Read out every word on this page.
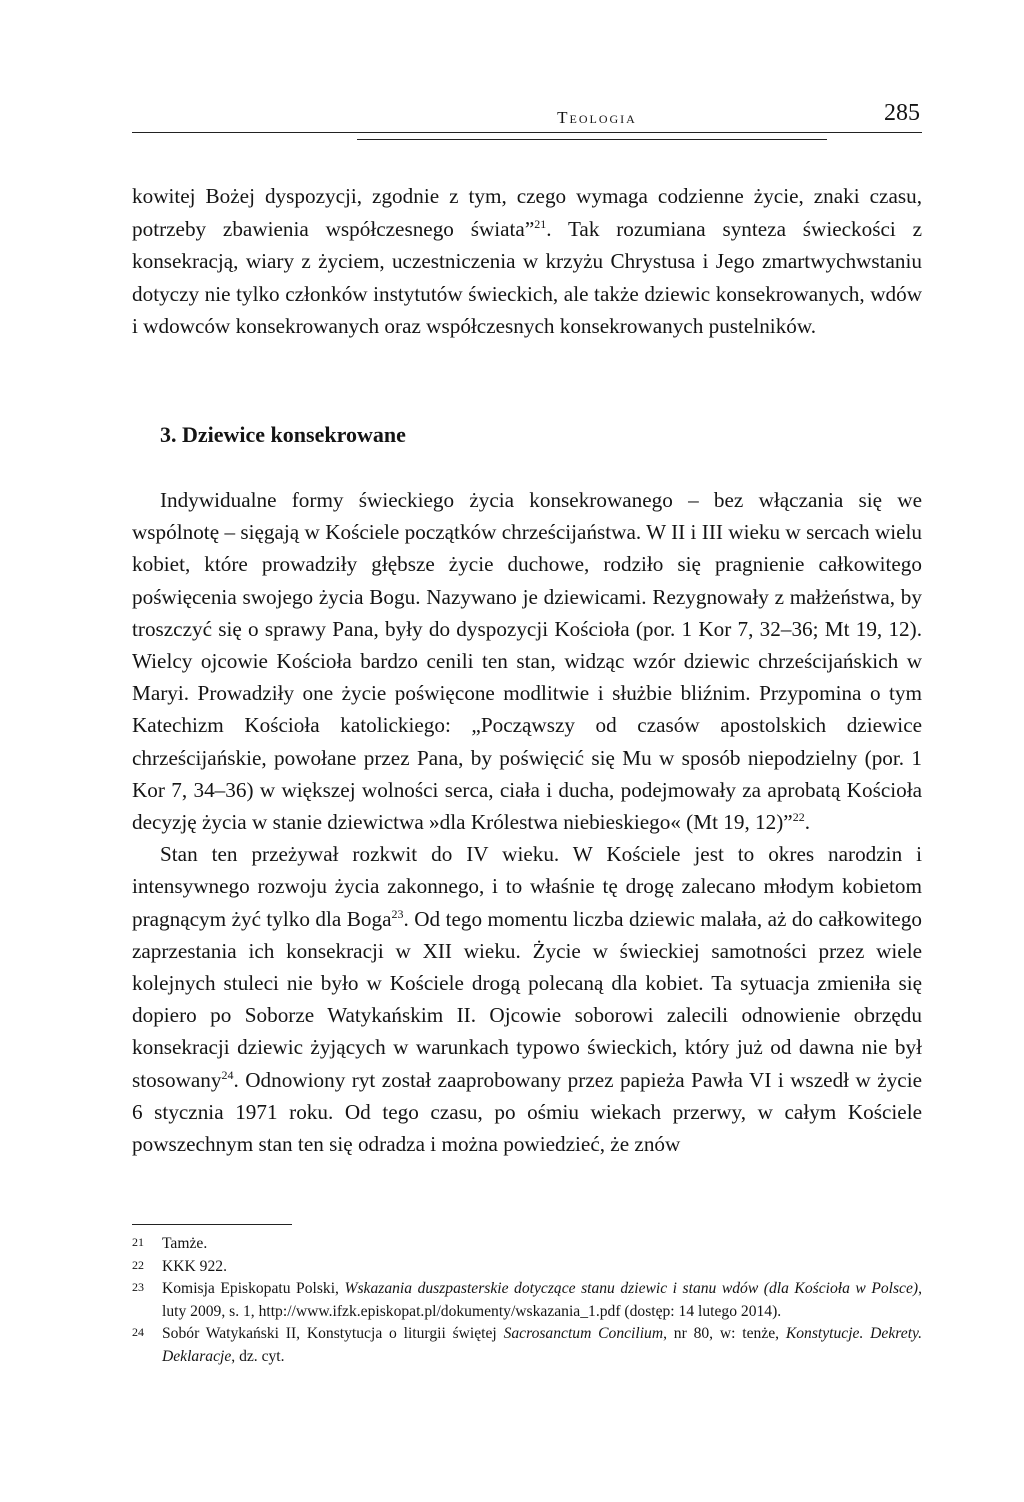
Teologia	285

kowitej Bożej dyspozycji, zgodnie z tym, czego wymaga codzienne życie, znaki czasu, potrzeby zbawienia współczesnego świata”$^{21}$. Tak rozumiana synteza świeckości z konsekracją, wiary z życiem, uczestniczenia w krzyżu Chrystusa i Jego zmartwychwstaniu dotyczy nie tylko członków instytutów świeckich, ale także dziewic konsekrowanych, wdów i wdowców konsekrowanych oraz współczesnych konsekrowanych pustelników.

3. Dziewice konsekrowane

Indywidualne formy świeckiego życia konsekrowanego – bez włączania się we wspólnotę – sięgają w Kościele początków chrześcijaństwa. W II i III wieku w sercach wielu kobiet, które prowadziły głębsze życie duchowe, rodziło się pragnienie całkowitego poświęcenia swojego życia Bogu. Nazywano je dziewicami. Rezygnowały z małżeństwa, by troszczyć się o sprawy Pana, były do dyspozycji Kościoła (por. 1 Kor 7, 32–36; Mt 19, 12). Wielcy ojcowie Kościoła bardzo cenili ten stan, widząc wzór dziewic chrześcijańskich w Maryi. Prowadziły one życie poświęcone modlitwie i służbie bliźnim. Przypomina o tym Katechizm Kościoła katolickiego: „Począwszy od czasów apostolskich dziewice chrześcijańskie, powołane przez Pana, by poświęcić się Mu w sposób niepodzielny (por. 1 Kor 7, 34–36) w większej wolności serca, ciała i ducha, podejmowały za aprobatą Kościoła decyzję życia w stanie dziewictwa »dla Królestwa niebieskiego« (Mt 19, 12)”$^{22}$.

Stan ten przeżywał rozkwit do IV wieku. W Kościele jest to okres narodzin i intensywnego rozwoju życia zakonnego, i to właśnie tę drogę zalecano młodym kobietom pragnącym żyć tylko dla Boga$^{23}$. Od tego momentu liczba dziewic malała, aż do całkowitego zaprzestania ich konsekracji w XII wieku. Życie w świeckiej samotności przez wiele kolejnych stuleci nie było w Kościele drogą polecaną dla kobiet. Ta sytuacja zmieniła się dopiero po Soborze Watykańskim II. Ojcowie soborowi zalecili odnowienie obrzędu konsekracji dziewic żyjących w warunkach typowo świeckich, który już od dawna nie był stosowany$^{24}$. Odnowiony ryt został zaaprobowany przez papieża Pawła VI i wszedł w życie 6 stycznia 1971 roku. Od tego czasu, po ośmiu wiekach przerwy, w całym Kościele powszechnym stan ten się odradza i można powiedzieć, że znów

21 Tamże.

22 KKK 922.

23 Komisja Episkopatu Polski, Wskazania duszpasterskie dotyczące stanu dziewic i stanu wdów (dla Kościoła w Polsce), luty 2009, s. 1, http://www.ifzk.episkopat.pl/dokumenty/wskazania_1.pdf (dostęp: 14 lutego 2014).

24 Sobór Watykański II, Konstytucja o liturgii świętej Sacrosanctum Concilium, nr 80, w: tenże, Konstytucje. Dekrety. Deklaracje, dz. cyt.
